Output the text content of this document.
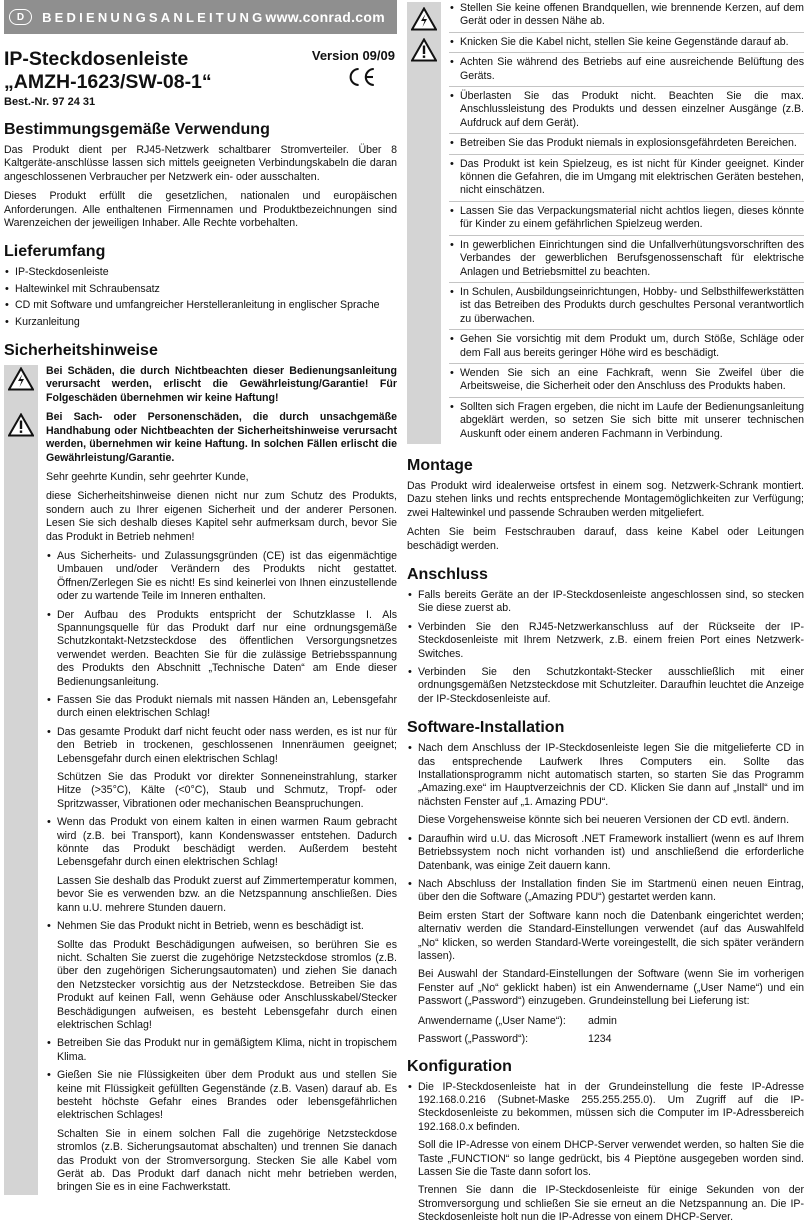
D	BEDIENUNGSANLEITUNG www.conrad.com
IP-Steckdosenleiste
„AMZH-1623/SW-08-1“
Version 09/09
Best.-Nr. 97 24 31
Bestimmungsgemäße Verwendung

Das Produkt dient per RJ45-Netzwerk schaltbarer Stromverteiler. Über 8 Kaltgeräte-anschlüsse lassen sich mittels geeigneten Verbindungskabeln die daran angeschlossenen Verbraucher per Netzwerk ein- oder ausschalten.

Dieses Produkt erfüllt die gesetzlichen, nationalen und europäischen Anforderungen. Alle enthaltenen Firmennamen und Produktbezeichnungen sind Warenzeichen der jeweiligen Inhaber. Alle Rechte vorbehalten.

Lieferumfang
• IP-Steckdosenleiste
• Haltewinkel mit Schraubensatz
• CD mit Software und umfangreicher Herstelleranleitung in englischer Sprache
• Kurzanleitung
Sicherheitshinweise

Bei Schäden, die durch Nichtbeachten dieser Bedienungsanleitung verursacht werden, erlischt die Gewährleistung/Garantie! Für Folgeschäden übernehmen wir keine Haftung!

Bei Sach- oder Personenschäden, die durch unsachgemäße Handhabung oder Nichtbeachten der Sicherheitshinweise verursacht werden, übernehmen wir keine Haftung. In solchen Fällen erlischt die Gewährleistung/Garantie.

Sehr geehrte Kundin, sehr geehrter Kunde,

diese Sicherheitshinweise dienen nicht nur zum Schutz des Produkts, sondern auch zu Ihrer eigenen Sicherheit und der anderer Personen. Lesen Sie sich deshalb dieses Kapitel sehr aufmerksam durch, bevor Sie das Produkt in Betrieb nehmen!

• Aus Sicherheits- und Zulassungsgründen (CE) ist das eigenmächtige Umbauen und/oder Verändern des Produkts nicht gestattet. Öffnen/Zerlegen Sie es nicht! Es sind keinerlei von Ihnen einzustellende oder zu wartende Teile im Inneren enthalten.
• Der Aufbau des Produkts entspricht der Schutzklasse I. Als Spannungsquelle für das Produkt darf nur eine ordnungsgemäße Schutzkontakt-Netzsteckdose des öffentlichen Versorgungsnetzes verwendet werden. Beachten Sie für die zulässige Betriebsspannung des Produkts den Abschnitt „Technische Daten“ am Ende dieser Bedienungsanleitung.
• Fassen Sie das Produkt niemals mit nassen Händen an, Lebensgefahr durch einen elektrischen Schlag!
• Das gesamte Produkt darf nicht feucht oder nass werden, es ist nur für den Betrieb in trockenen, geschlossenen Innenräumen geeignet; Lebensgefahr durch einen elektrischen Schlag!
Schützen Sie das Produkt vor direkter Sonneneinstrahlung, starker Hitze (>35°C), Kälte (<0°C), Staub und Schmutz, Tropf- oder Spritzwasser, Vibrationen oder mechanischen Beanspruchungen.
• Wenn das Produkt von einem kalten in einen warmen Raum gebracht wird (z.B. bei Transport), kann Kondenswasser entstehen. Dadurch könnte das Produkt beschädigt werden. Außerdem besteht Lebensgefahr durch einen elektrischen Schlag!
Lassen Sie deshalb das Produkt zuerst auf Zimmertemperatur kommen, bevor Sie es verwenden bzw. an die Netzspannung anschließen. Dies kann u.U. mehrere Stunden dauern.
• Nehmen Sie das Produkt nicht in Betrieb, wenn es beschädigt ist.
Sollte das Produkt Beschädigungen aufweisen, so berühren Sie es nicht. Schalten Sie zuerst die zugehörige Netzsteckdose stromlos (z.B. über den zugehörigen Sicherungsautomaten) und ziehen Sie danach den Netzstecker vorsichtig aus der Netzsteckdose. Betreiben Sie das Produkt auf keinen Fall, wenn Gehäuse oder Anschlusskabel/Stecker Beschädigungen aufweisen, es besteht Lebensgefahr durch einen elektrischen Schlag!
• Betreiben Sie das Produkt nur in gemäßigtem Klima, nicht in tropischem Klima.
• Gießen Sie nie Flüssigkeiten über dem Produkt aus und stellen Sie keine mit Flüssigkeit gefüllten Gegenstände (z.B. Vasen) darauf ab. Es besteht höchste Gefahr eines Brandes oder lebensgefährlichen elektrischen Schlages!
Schalten Sie in einem solchen Fall die zugehörige Netzsteckdose stromlos (z.B. Sicherungsautomat abschalten) und trennen Sie danach das Produkt von der Stromversorgung. Stecken Sie alle Kabel vom Gerät ab. Das Produkt darf danach nicht mehr betrieben werden, bringen Sie es in eine Fachwerkstatt.
• Stellen Sie keine offenen Brandquellen, wie brennende Kerzen, auf dem Gerät oder in dessen Nähe ab.
• Knicken Sie die Kabel nicht, stellen Sie keine Gegenstände darauf ab.
• Achten Sie während des Betriebs auf eine ausreichende Belüftung des Geräts.
• Überlasten Sie das Produkt nicht. Beachten Sie die max. Anschlussleistung des Produkts und dessen einzelner Ausgänge (z.B. Aufdruck auf dem Gerät).
• Betreiben Sie das Produkt niemals in explosionsgefährdeten Bereichen.
• Das Produkt ist kein Spielzeug, es ist nicht für Kinder geeignet. Kinder können die Gefahren, die im Umgang mit elektrischen Geräten bestehen, nicht einschätzen.
• Lassen Sie das Verpackungsmaterial nicht achtlos liegen, dieses könnte für Kinder zu einem gefährlichen Spielzeug werden.
• In gewerblichen Einrichtungen sind die Unfallverhütungsvorschriften des Verbandes der gewerblichen Berufsgenossenschaft für elektrische Anlagen und Betriebsmittel zu beachten.
• In Schulen, Ausbildungseinrichtungen, Hobby- und Selbsthilfewerkstätten ist das Betreiben des Produkts durch geschultes Personal verantwortlich zu überwachen.
• Gehen Sie vorsichtig mit dem Produkt um, durch Stöße, Schläge oder dem Fall aus bereits geringer Höhe wird es beschädigt.
• Wenden Sie sich an eine Fachkraft, wenn Sie Zweifel über die Arbeitsweise, die Sicherheit oder den Anschluss des Produkts haben.
• Sollten sich Fragen ergeben, die nicht im Laufe der Bedienungsanleitung abgeklärt werden, so setzen Sie sich bitte mit unserer technischen Auskunft oder einem anderen Fachmann in Verbindung.
Montage

Das Produkt wird idealerweise ortsfest in einem sog. Netzwerk-Schrank montiert. Dazu stehen links und rechts entsprechende Montagemöglichkeiten zur Verfügung; zwei Haltewinkel und passende Schrauben werden mitgeliefert.

Achten Sie beim Festschrauben darauf, dass keine Kabel oder Leitungen beschädigt werden.

Anschluss
• Falls bereits Geräte an der IP-Steckdosenleiste angeschlossen sind, so stecken Sie diese zuerst ab.
• Verbinden Sie den RJ45-Netzwerkanschluss auf der Rückseite der IP-Steckdosenleiste mit Ihrem Netzwerk, z.B. einem freien Port eines Netzwerk-Switches.
• Verbinden Sie den Schutzkontakt-Stecker ausschließlich mit einer ordnungsgemäßen Netzsteckdose mit Schutzleiter. Daraufhin leuchtet die Anzeige der IP-Steckdosenleiste auf.
Software-Installation
• Nach dem Anschluss der IP-Steckdosenleiste legen Sie die mitgelieferte CD in das entsprechende Laufwerk Ihres Computers ein. Sollte das Installationsprogramm nicht automatisch starten, so starten Sie das Programm „Amazing.exe“ im Hauptverzeichnis der CD. Klicken Sie dann auf „Install“ und im nächsten Fenster auf „1. Amazing PDU“.
Diese Vorgehensweise könnte sich bei neueren Versionen der CD evtl. ändern.
• Daraufhin wird u.U. das Microsoft .NET Framework installiert (wenn es auf Ihrem Betriebssystem noch nicht vorhanden ist) und anschließend die erforderliche Datenbank, was einige Zeit dauern kann.
• Nach Abschluss der Installation finden Sie im Startmenü einen neuen Eintrag, über den die Software („Amazing PDU“) gestartet werden kann.
Beim ersten Start der Software kann noch die Datenbank eingerichtet werden; alternativ werden die Standard-Einstellungen verwendet (auf das Auswahlfeld „No“ klicken, so werden Standard-Werte voreingestellt, die sich später verändern lassen).
Bei Auswahl der Standard-Einstellungen der Software (wenn Sie im vorherigen Fenster auf „No“ geklickt haben) ist ein Anwendername („User Name“) und ein Passwort („Password“) einzugeben. Grundeinstellung bei Lieferung ist:
Anwendername („User Name“):	admin
Passwort („Password“):	1234
Konfiguration
• Die IP-Steckdosenleiste hat in der Grundeinstellung die feste IP-Adresse 192.168.0.216 (Subnet-Maske 255.255.255.0). Um Zugriff auf die IP-Steckdosenleiste zu bekommen, müssen sich die Computer im IP-Adressbereich 192.168.0.x befinden.
Soll die IP-Adresse von einem DHCP-Server verwendet werden, so halten Sie die Taste „FUNCTION“ so lange gedrückt, bis 4 Pieptöne ausgegeben worden sind. Lassen Sie die Taste dann sofort los.
Trennen Sie dann die IP-Steckdosenleiste für einige Sekunden von der Stromversorgung und schließen Sie sie erneut an die Netzspannung an. Die IP-Steckdosenleiste holt nun die IP-Adresse von einem DHCP-Server.
